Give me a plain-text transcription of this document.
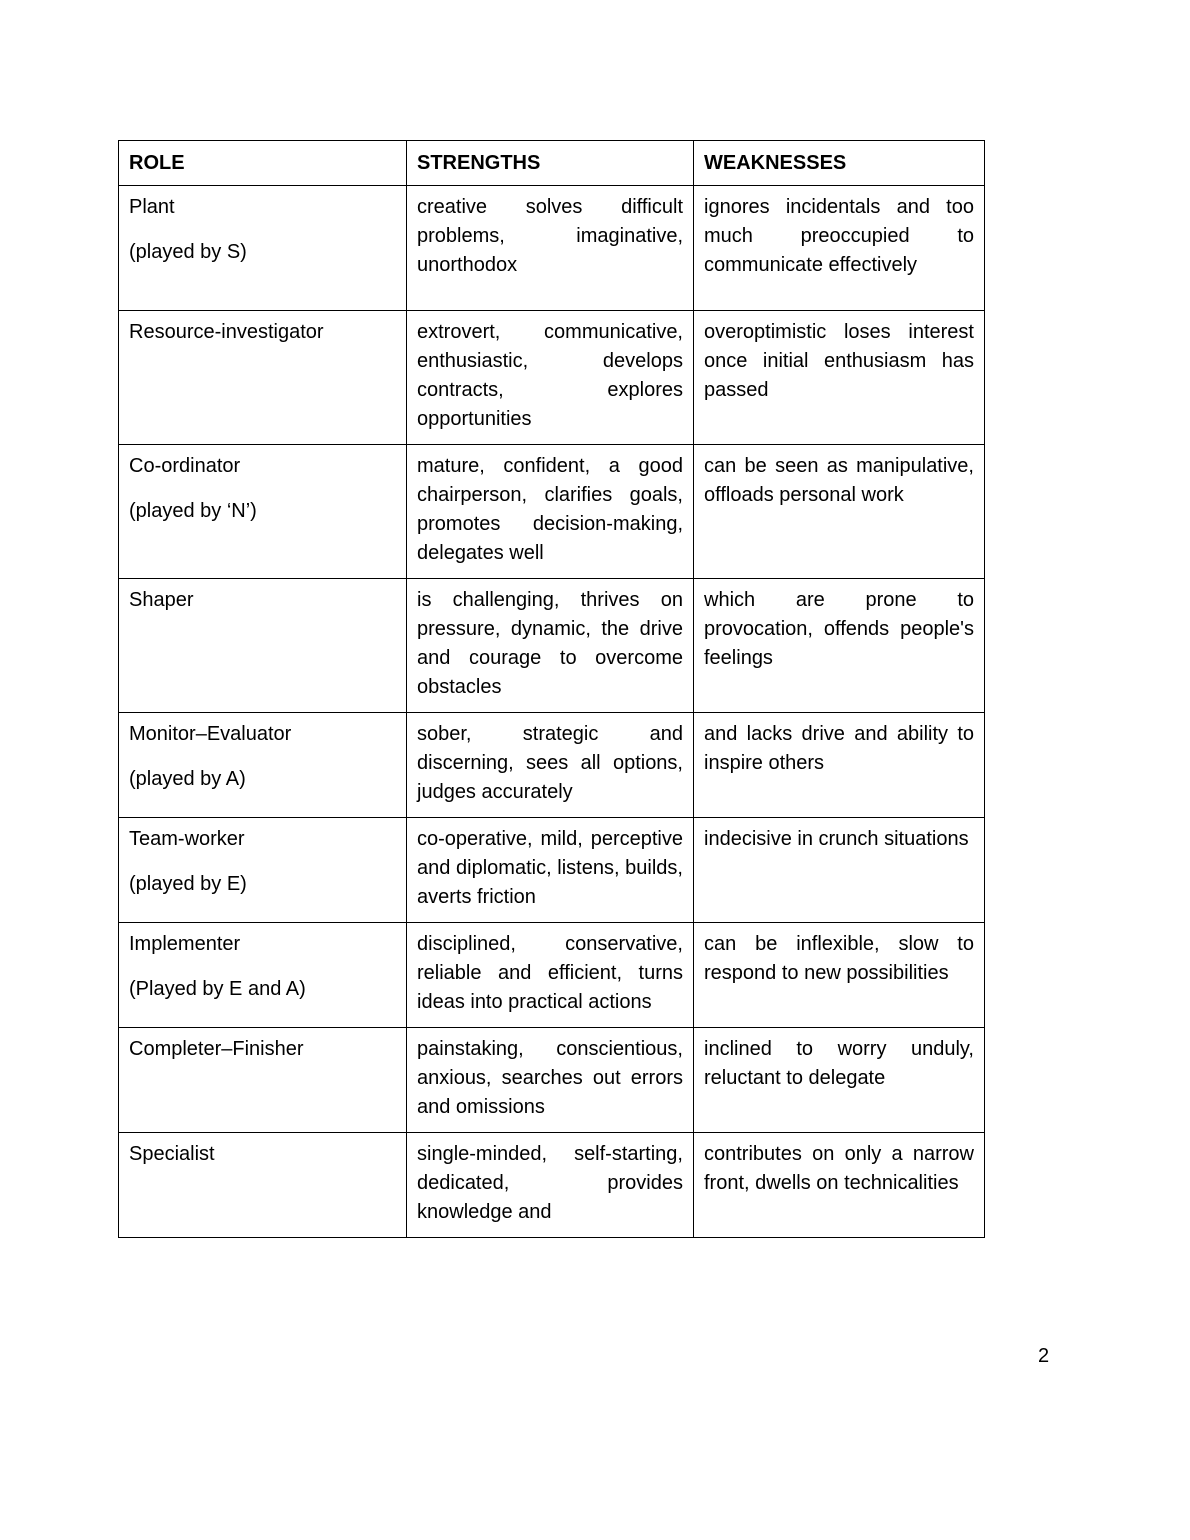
ROLE	STRENGTHS	WEAKNESSES

Plant
(played by S)	creative solves difficult problems, imaginative, unorthodox	ignores incidentals and too much preoccupied to communicate effectively

Resource-investigator	extrovert, communicative, enthusiastic, develops contracts, explores opportunities	overoptimistic loses interest once initial enthusiasm has passed

Co-ordinator
(played by ‘N’)	mature, confident, a good chairperson, clarifies goals, promotes decision-making, delegates well	can be seen as manipulative, offloads personal work

Shaper	is challenging, thrives on pressure, dynamic, the drive and courage to overcome obstacles	which are prone to provocation, offends people's feelings

Monitor–Evaluator
(played by A)	sober, strategic and discerning, sees all options, judges accurately	and lacks drive and ability to inspire others

Team-worker
(played by E)	co-operative, mild, perceptive and diplomatic, listens, builds, averts friction	indecisive in crunch situations

Implementer
(Played by E and A)	disciplined, conservative, reliable and efficient, turns ideas into practical actions	can be inflexible, slow to respond to new possibilities

Completer–Finisher	painstaking, conscientious, anxious, searches out errors and omissions	inclined to worry unduly, reluctant to delegate

Specialist	single-minded, self-starting, dedicated, provides knowledge and	contributes on only a narrow front, dwells on technicalities
2
